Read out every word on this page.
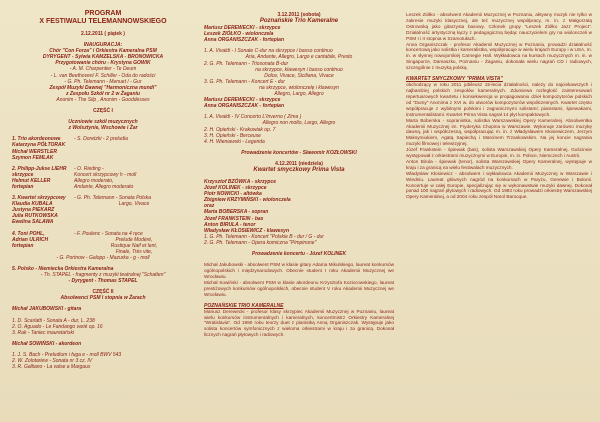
PROGRAM
X FESTIWALU TELEMANNOWSKIEGO
2.12.2011 ( piątek )
INAUGURACJA:
Chór "Con Forza" i Orkiestra Kameralna PSM
DYRYGENT - Sylwia KAMZELSKA - BRONOWICKA
Przygotowanie chóru - Krystyna GOWIK
- A. M. Charpentier - Te Deum
- L. van Beethoven/ F. Schiller - Oda do radości
- G. Ph. Telemann - Menuet / - Gur
Zespół Muzyki Dawnej "Harmoniczna mundi"
z Zespołu Szkół nr 2 w Żaganiu
Anonim - The Silp , Anonim - Gooddesses
CZĘŚĆ I
Uczniowie szkół muzycznych
z Wolsztynie, Wschowie i Żar
1. Trio akordeonowe	- S. Doretzki - 2 preludia
Katarzyna PÓŁTORAK
Michał WERSTLER
Szymon FEMLAK
2. Philipp-Jukse LIEHR	- O. Rieding -
skrzypce	Koncert skrzypcowy h - moll
Helmut KELLER	Allegro moderato,
fortepian	Andante, Allegro moderato
3. Kwartet skrzypcowy	- G. Ph. Telemann - Sonata Polska
Klaudia KUBALA	Largo, Vivace
Justyna PIEKARZ
Julia RUTKOWSKA
Ewelina SALAWA
4. Toni POHL,	- F. Poulenc - Sonata na 4 ręce
Adrian ULRICH	Prelude Modéré,
fortepian	Rustique Naif et lent,
Finale, Très vite,
- G. Portnow - Galopp - Mazurka - g - moll
5. Polsko - Niemiecka Orkiestra Kameralna
- Th. STAPEL - fragmenty z muzyki teatralnej "Schatten"
- Dyrygent - Thomas STAPEL
CZĘŚĆ II
Absolwenci PSM I stopnia w Żarach
Michał JAKUBOWSKI - gitara
1. D. Scarlatti - Sonata A - dur, L. 238
2. O. Aguado - Le Fandango varié op. 16
3. Rak - Taniec mauretański
Michał SOWIŃSKI - akordeon
1. J. S. Bach - Preludium i fuga e - moll BWV 543
2. W. Zolotariew - Sonata nr 3 cz. IV
3. R. Galliano - La valse a Margaux
3.12.2011 (sobota)
Poznańskie Trio Kameralne
Mariusz DEREWECKI - skrzypce
Leszek ZIÓŁKO - wiolonczela
Anna ORGANISZCZAK - fortepian
1. A. Vivaldi - I Sonate C-dur na skrzypce i basso continuo
Aria, Andante, Allegro, Largo e cantabile, Presto
2. G. Ph. Telemann - Triosonata B-dur
na skrzypce, klawesyn i basso continuo
Dolce, Vivace, Siciliana, Vivace
3. G. Ph. Telemann - Koncert E - dur
na skrzypce, wiolonczelę i klawesyn
Allegro, Largo, Allegro
Mariusz DEREWECKI - skrzypce
Anna ORGANISZCZAK - fortepian
1. A. Vivaldi - IV Concerto L'Inverno ( Zima )
Allegro non molto, Largo, Allegro
2. H. Opieński - Krakowiak op. 7
3. H. Opieński - Berceuse
4. H. Wieniawski - Legenda
Prowadzenie koncertów - Sławomir KOZŁOWSKI
4.12.2011 (niedziela)
Kwartet smyczkowy Prima Vista
Krzysztof BZÓWKA - skrzypce
Józef KOLINEK - skrzypce
Piotr NOWICKI - altówka
Zbigniew KRZYMIŃSKI - wiolonczela
oraz
Marta BOBERSKA - sopran
Józef FRANKSTEIN - bas
Anton BIRULA - tenor
Władysław KŁOSIEWICZ - klawesyn
1. G. Ph. Telemann - Koncert "Polskie B - dur / G - dur
2. G. Ph. Telemann - Opera komiczna "Pimpinone"
Prowadzenie koncertu - Józef KOLINEK
Michał Jakubowski - absolwent PSM w klasie gitary Adama Mikulskiego, laureat konkursów ogólnopolskich i międzynarodowych. Obecnie student I roku Akademii Muzycznej we Wrocławiu.
Michał Sowiński - absolwent PSM w klasie akordeonu Krzysztofa Koziorowskiego, laureat prestiżowych konkursów ogólnopolskich, obecnie student V roku Akademii Muzycznej we Wrocławiu.
POZNAŃSKIE TRIO KAMERALNE
Mariusz Derewecki - profesor klasy skrzypiec Akademii Muzycznej w Poznaniu, laureat wielu konkursów instrumentalnych i kameralnych, koncertmistrz Orkiestry Kameralnej "Wratislavia". Od 1990 roku teorzy duet z pianistką Anną Organiszczak. Występuje jako solista koncertów symfonicznych z wieloma orkiestrami w kraju i za granicą. Dokonał licznych nagrań płytowych i radiowych.
Leszek Ziółko - absolwent Akademii Muzycznej w Poznaniu, aktywny muzyk nie tylko w zakresie muzyki klasycznej, ale też muzycznej współpracy, m. in. z Małgorzatą Ostrowską jako gitarzysta basowy. Członek grupy "Leszek Ziółko Jazz Project". Działalność artystyczną łączy z pedagogiczną będąc nauczycielem gry na wiolonczeli w PSM I i II stopnia w Szamotułach.
Anna Organiszczak - profesor Akademii Muzycznej w Poznaniu, prowadzi działalność koncertową jako solistka i kameralistka, współpracuje w wielu krajach Europy i w USA, m. in. w słynnej nowojorskiej Carnegie Hall. Wykładowca na kursach muzycznych m. in. w Singapurze, Damaszku, Poznaniu - Żaganiu, dokonała wielu nagrań CD i radiowych, szczególnie z muzyką polską.
KWARTET SMYCZKOWY "PRIMA VISTA"
obchodzący w roku 2011 jubileusz 15-lecia działalności, należy do najciekawszych i najbardziej polskich zespołów kameralnych. Zdumiewa rozległość zainteresowań repertuarowych kwartetu i konsekwencja w propagowaniu dzieł kompozytorów polskich od "Dumy" Anonima z XVI w. do utworów kompozytorów współczesnych. Kwartet często współpracuje z wybitnymi polskimi i zagranicznymi solistami: pianistami, śpiewakami, instrumentalistami. Kwartet Prima Vista nagrał 14 płyt kompaktowych.
Marta Boberska - sopranistka, solistka Warszawskiej Opery Kameralnej. Absolwentka Akademii Muzycznej im. Fryderyka Chopina w Warszawie. Wykonuje zarówno muzykę dawną, jak i współczesną, współpracując m. in. z Władysławem Kłosiewiczem, Jerzym Maksymiukiem, Agatą Sapiechą i Marcinem Trzaskowskim. Na jej koncie nagrania muzyki filmowej i telewizyjnej.
Józef Frankstein - śpiewak (bas), solista Warszawskiej Opery Kameralnej. Gościnnie występował z orkiestrami muzycznymi w Europie, m. in. Polsce, Niemczech i Austrii.
Anton Birula - śpiewak (tenor), solista Warszawskiej Opery Kameralnej, występuje w kraju i za granicą na wielu festiwalach muzycznych.
Władysław Kłosiewicz - absolwent i wykładowca Akademii Muzycznej w Warszawie i Wiedniu. Laureat głównych nagród na konkursach w Paryżu, Genewie i Bolonii. Koncertuje w całej Europie, specjalizując się w wykonawstwie muzyki dawnej. Dokonał ponad 100 nagrań płytowych i radiowych. Od 1983 roku prowadzi orkiestrę Warszawskiej Opery Kameralnej, a od 2004 roku zespół Narol Barocque.
